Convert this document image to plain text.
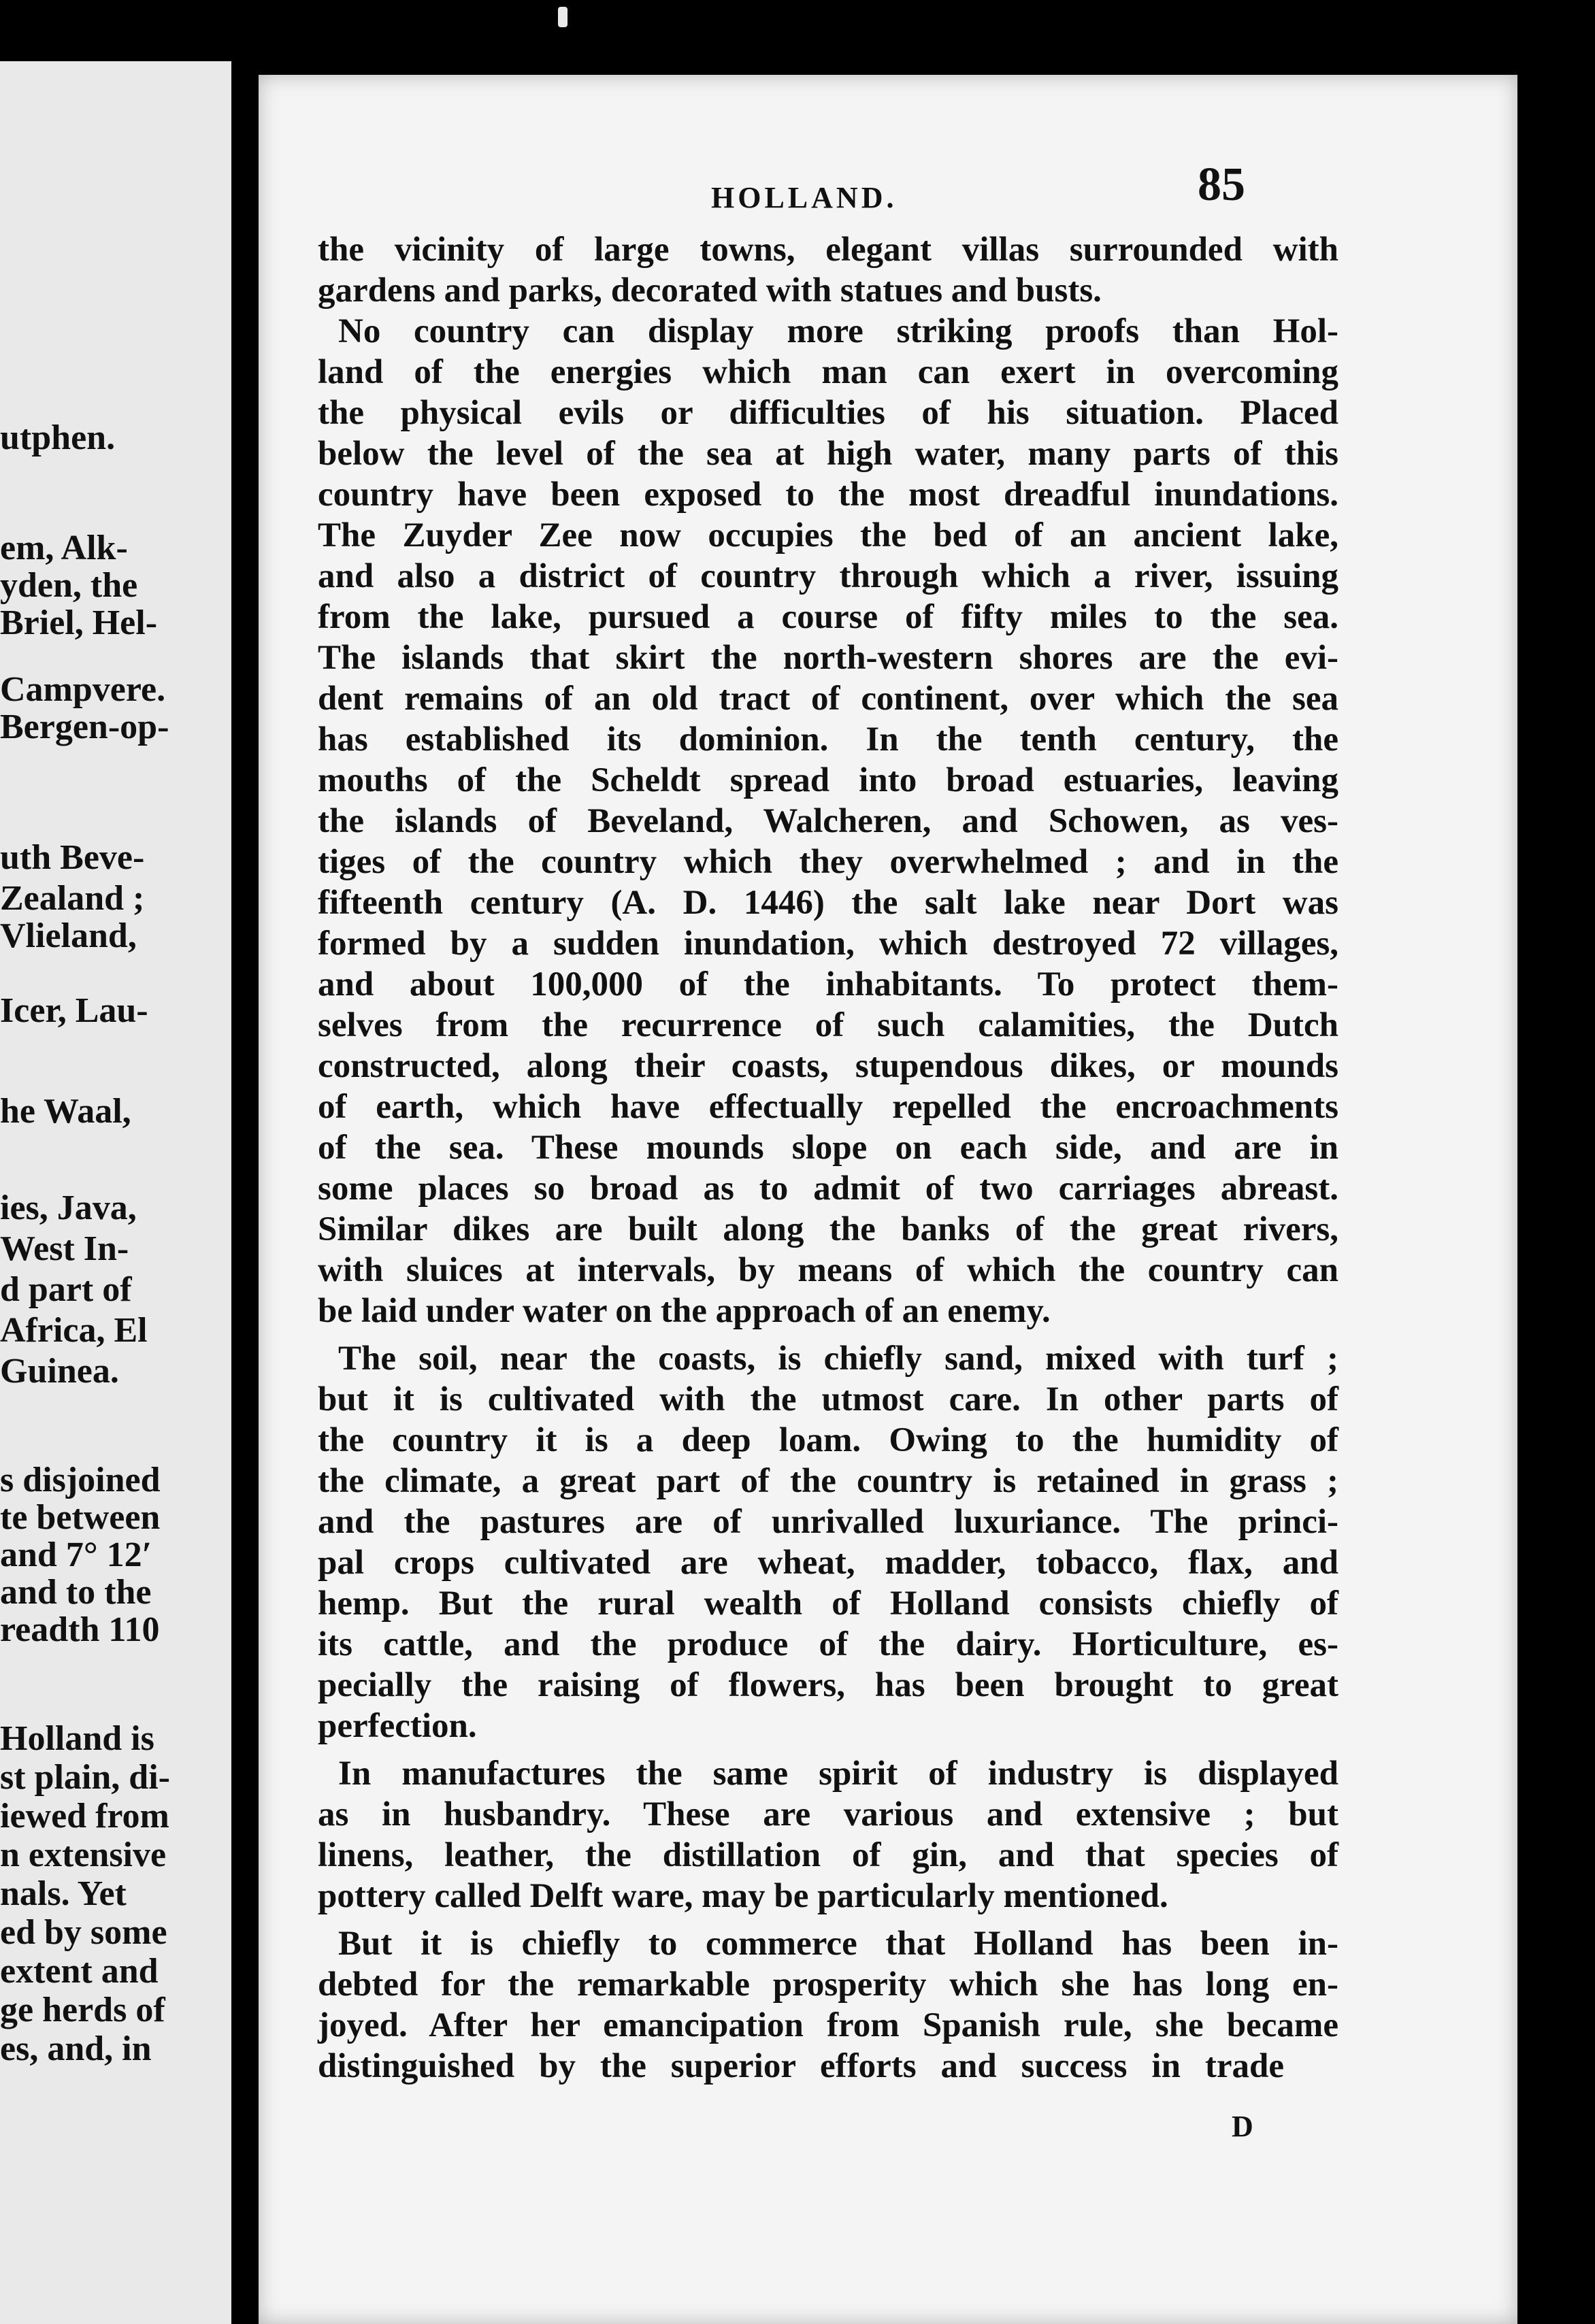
utphen.
em, Alk-
yden, the
Briel, Hel-
Campvere.
Bergen-op-
uth Beve-
Zealand ;
Vlieland,
Icer, Lau-
he Waal,
ies, Java,
West In-
d part of
Africa, El
Guinea.
s disjoined
te between
and 7° 12′
and to the
readth 110
Holland is
st plain, di-
iewed from
n extensive
nals. Yet
ed by some
extent and
ge herds of
es, and, in
HOLLAND.	85
the vicinity of large towns, elegant villas surrounded with
gardens and parks, decorated with statues and busts.
No country can display more striking proofs than Hol-
land of the energies which man can exert in overcoming
the physical evils or difficulties of his situation. Placed
below the level of the sea at high water, many parts of this
country have been exposed to the most dreadful inundations.
The Zuyder Zee now occupies the bed of an ancient lake,
and also a district of country through which a river, issuing
from the lake, pursued a course of fifty miles to the sea.
The islands that skirt the north-western shores are the evi-
dent remains of an old tract of continent, over which the sea
has established its dominion. In the tenth century, the
mouths of the Scheldt spread into broad estuaries, leaving
the islands of Beveland, Walcheren, and Schowen, as ves-
tiges of the country which they overwhelmed ; and in the
fifteenth century (A. D. 1446) the salt lake near Dort was
formed by a sudden inundation, which destroyed 72 villages,
and about 100,000 of the inhabitants. To protect them-
selves from the recurrence of such calamities, the Dutch
constructed, along their coasts, stupendous dikes, or mounds
of earth, which have effectually repelled the encroachments
of the sea. These mounds slope on each side, and are in
some places so broad as to admit of two carriages abreast.
Similar dikes are built along the banks of the great rivers,
with sluices at intervals, by means of which the country can
be laid under water on the approach of an enemy.
The soil, near the coasts, is chiefly sand, mixed with turf ;
but it is cultivated with the utmost care. In other parts of
the country it is a deep loam. Owing to the humidity of
the climate, a great part of the country is retained in grass ;
and the pastures are of unrivalled luxuriance. The princi-
pal crops cultivated are wheat, madder, tobacco, flax, and
hemp. But the rural wealth of Holland consists chiefly of
its cattle, and the produce of the dairy. Horticulture, es-
pecially the raising of flowers, has been brought to great
perfection.
In manufactures the same spirit of industry is displayed
as in husbandry. These are various and extensive ; but
linens, leather, the distillation of gin, and that species of
pottery called Delft ware, may be particularly mentioned.
But it is chiefly to commerce that Holland has been in-
debted for the remarkable prosperity which she has long en-
joyed. After her emancipation from Spanish rule, she became
distinguished by the superior efforts and success in trade
D
